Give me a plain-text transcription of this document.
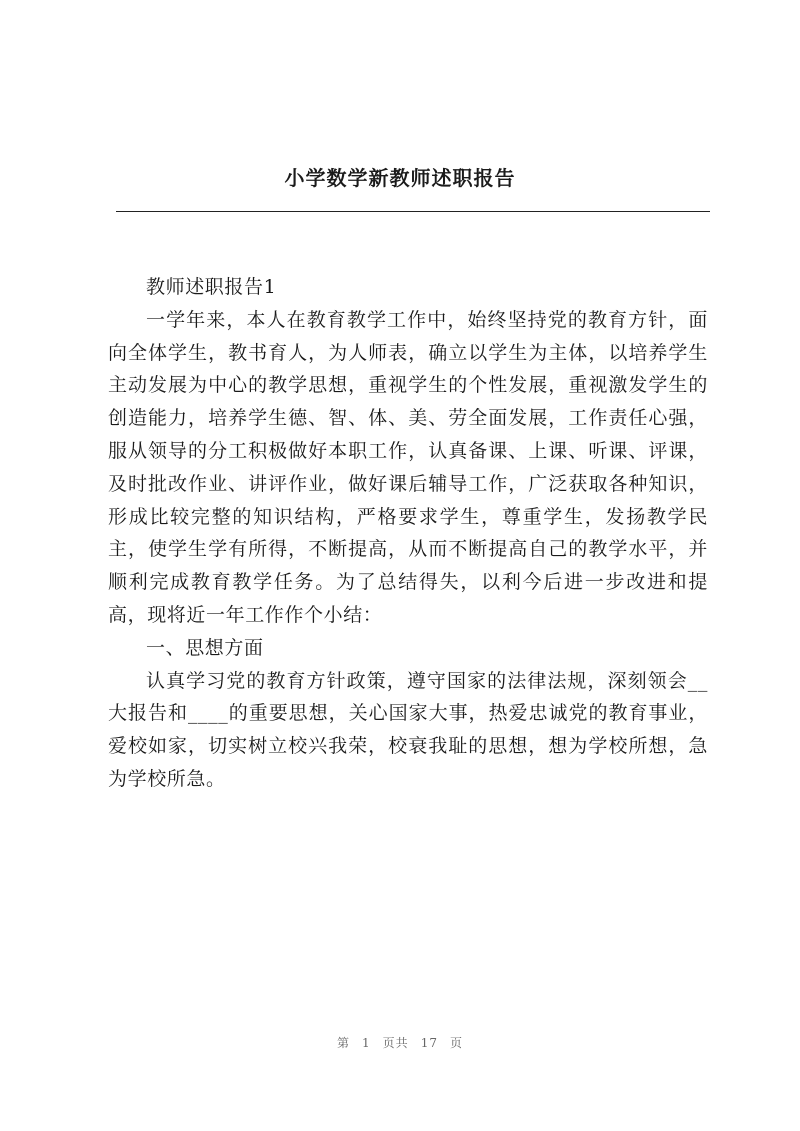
小学数学新教师述职报告

教师述职报告1

一学年来，本人在教育教学工作中，始终坚持党的教育方针，面向全体学生，教书育人，为人师表，确立以学生为主体，以培养学生主动发展为中心的教学思想，重视学生的个性发展，重视激发学生的创造能力，培养学生德、智、体、美、劳全面发展，工作责任心强，服从领导的分工积极做好本职工作，认真备课、上课、听课、评课，及时批改作业、讲评作业，做好课后辅导工作，广泛获取各种知识，形成比较完整的知识结构，严格要求学生，尊重学生，发扬教学民主，使学生学有所得，不断提高，从而不断提高自己的教学水平，并顺利完成教育教学任务。为了总结得失，以利今后进一步改进和提高，现将近一年工作作个小结：

一、思想方面

认真学习党的教育方针政策，遵守国家的法律法规，深刻领会__大报告和____的重要思想，关心国家大事，热爱忠诚党的教育事业，爱校如家，切实树立校兴我荣，校衰我耻的思想，想为学校所想，急为学校所急。

第 1 页共 17 页
